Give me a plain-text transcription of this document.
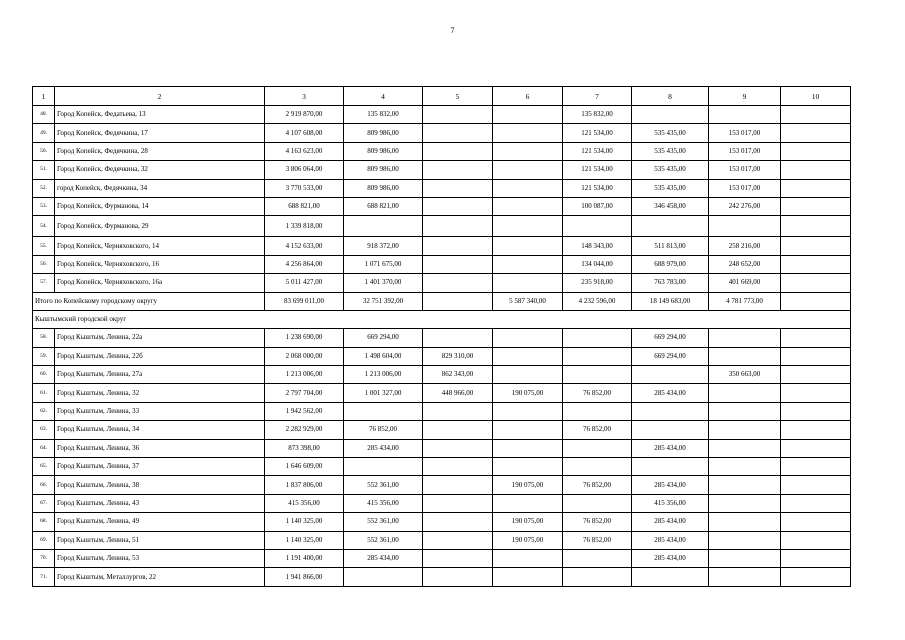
7
1	2	3	4	5	6	7	8	9	10
48.	Город Копейск, Федатьева, 13	2 919 870,00	135 832,00			135 832,00			
49.	Город Копейск, Федячкина, 17	4 107 608,00	809 986,00			121 534,00	535 435,00	153 017,00	
50.	Город Копейск, Федячкина, 28	4 163 623,00	809 986,00			121 534,00	535 435,00	153 017,00	
51.	Город Копейск, Федячкина, 32	3 806 064,00	809 986,00			121 534,00	535 435,00	153 017,00	
52.	город Копейск, Федячкина, 34	3 770 533,00	809 986,00			121 534,00	535 435,00	153 017,00	
53.	Город Копейск, Фурманова, 14	688 821,00	688 821,00			100 087,00	346 458,00	242 276,00	
54.	Город Копейск, Фурманова, 29	1 339 818,00							
55.	Город Копейск, Черняховского, 14	4 152 633,00	918 372,00			148 343,00	511 813,00	258 216,00	
56.	Город Копейск, Черняховского, 16	4 256 864,00	1 071 675,00			134 044,00	688 979,00	248 652,00	
57.	Город Копейск, Черняховского, 16а	5 011 427,00	1 401 370,00			235 918,00	763 783,00	401 669,00	
Итого по Копейскому городскому округу		83 699 011,00	32 751 392,00		5 587 340,00	4 232 596,00	18 149 683,00	4 781 773,00	
Кыштымский городской округ									
58.	Город Кыштым, Ленина, 22а	1 238 690,00	669 294,00				669 294,00		
59.	Город Кыштым, Ленина, 22б	2 068 000,00	1 498 604,00	829 310,00			669 294,00		
60.	Город Кыштым, Ленина, 27а	1 213 006,00	1 213 006,00	862 343,00				350 663,00	
61.	Город Кыштым, Ленина, 32	2 797 704,00	1 001 327,00	448 966,00	190 075,00	76 852,00	285 434,00		
62.	Город Кыштым, Ленина, 33	1 942 562,00							
63.	Город Кыштым, Ленина, 34	2 282 929,00	76 852,00			76 852,00			
64.	Город Кыштым, Ленина, 36	873 398,00	285 434,00				285 434,00		
65.	Город Кыштым, Ленина, 37	1 646 609,00							
66.	Город Кыштым, Ленина, 38	1 837 806,00	552 361,00		190 075,00	76 852,00	285 434,00		
67.	Город Кыштым, Ленина, 43	415 356,00	415 356,00				415 356,00		
68.	Город Кыштым, Ленина, 49	1 140 325,00	552 361,00		190 075,00	76 852,00	285 434,00		
69.	Город Кыштым, Ленина, 51	1 140 325,00	552 361,00		190 075,00	76 852,00	285 434,00		
70.	Город Кыштым, Ленина, 53	1 191 400,00	285 434,00				285 434,00		
71.	Город Кыштым, Металлургов, 22	1 941 866,00							
